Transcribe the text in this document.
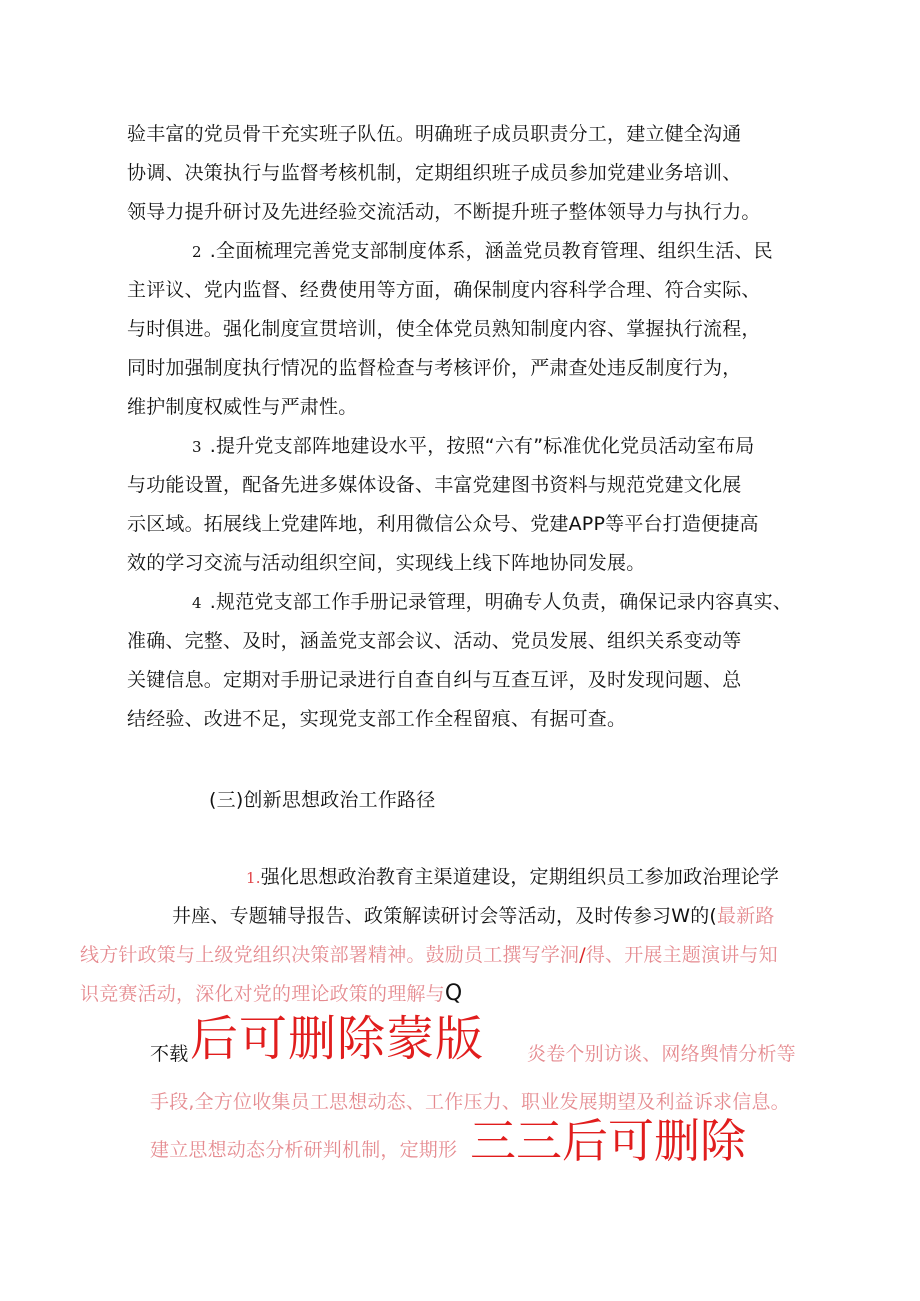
验丰富的党员骨干充实班子队伍。明确班子成员职责分工，建立健全沟通
协调、决策执行与监督考核机制，定期组织班子成员参加党建业务培训、
领导力提升研讨及先进经验交流活动，不断提升班子整体领导力与执行力。
2 .全面梳理完善党支部制度体系，涵盖党员教育管理、组织生活、民
主评议、党内监督、经费使用等方面，确保制度内容科学合理、符合实际、
与时俱进。强化制度宣贯培训，使全体党员熟知制度内容、掌握执行流程，
同时加强制度执行情况的监督检查与考核评价，严肃查处违反制度行为，
维护制度权威性与严肃性。
3 .提升党支部阵地建设水平，按照“六有”标准优化党员活动室布局
与功能设置，配备先进多媒体设备、丰富党建图书资料与规范党建文化展
示区域。拓展线上党建阵地，利用微信公众号、党建APP等平台打造便捷高
效的学习交流与活动组织空间，实现线上线下阵地协同发展。
4 .规范党支部工作手册记录管理，明确专人负责，确保记录内容真实、
准确、完整、及时，涵盖党支部会议、活动、党员发展、组织关系变动等
关键信息。定期对手册记录进行自查自纠与互查互评，及时发现问题、总
结经验、改进不足，实现党支部工作全程留痕、有据可查。
(三)创新思想政治工作路径
1.强化思想政治教育主渠道建设，定期组织员工参加政治理论学
井座、专题辅导报告、政策解读研讨会等活动，及时传参习W的(最新路
线方针政策与上级党组织决策部署精神。鼓励员工撰写学泂/得、开展主题演讲与知
识竞赛活动，深化对党的理论政策的理解与Q
不载 后可删除蒙版 炎卷个别访谈、网络舆情分析等
手段,全方位收集员工思想动态、工作压力、职业发展期望及利益诉求信息。
建立思想动态分析研判机制，定期形 三三后可删除
